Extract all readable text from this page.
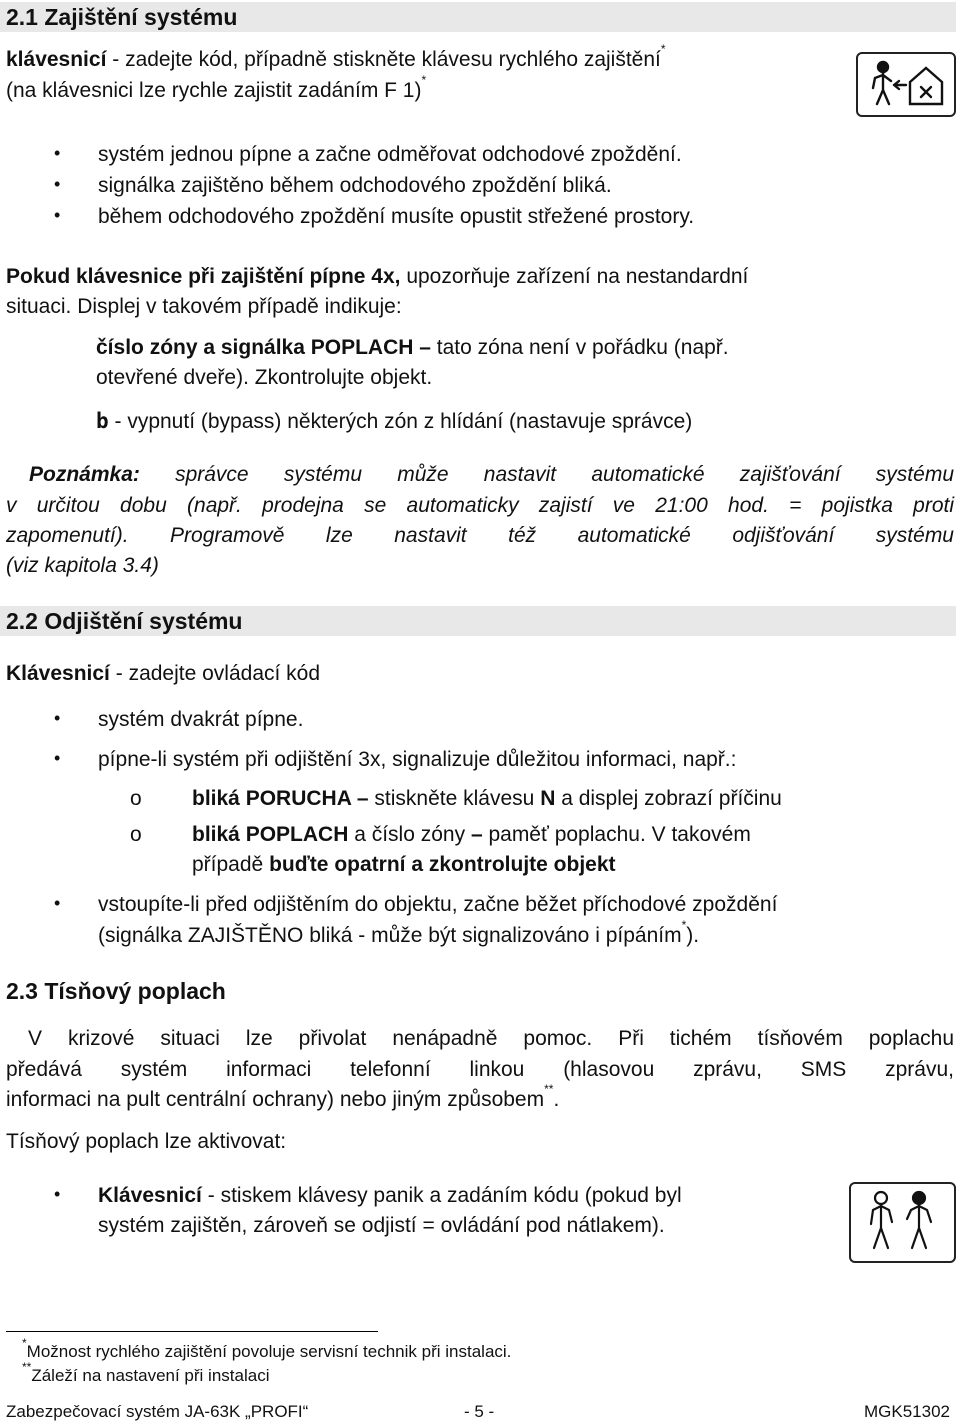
2.1 Zajištění systému
klávesnicí - zadejte kód, případně stiskněte klávesu rychlého zajištění*
(na klávesnici lze rychle zajistit zadáním F 1)*
• systém jednou pípne a začne odměřovat odchodové zpoždění.
• signálka zajištěno během odchodového zpoždění bliká.
• během odchodového zpoždění musíte opustit střežené prostory.
Pokud klávesnice při zajištění pípne 4x, upozorňuje zařízení na nestandardní
situaci. Displej v takovém případě indikuje:
číslo zóny a signálka POPLACH – tato zóna není v pořádku (např.
otevřené dveře). Zkontrolujte objekt.
b - vypnutí (bypass) některých zón z hlídání (nastavuje správce)
Poznámka: správce systému může nastavit automatické zajišťování systému
v určitou dobu (např. prodejna se automaticky zajistí ve 21:00 hod. = pojistka proti
zapomenutí). Programově lze nastavit též automatické odjišťování systému
(viz kapitola 3.4)
2.2 Odjištění systému
Klávesnicí - zadejte ovládací kód
• systém dvakrát pípne.
• pípne-li systém při odjištění 3x, signalizuje důležitou informaci, např.:
o bliká PORUCHA – stiskněte klávesu N a displej zobrazí příčinu
o bliká POPLACH a číslo zóny – paměť poplachu. V takovém
případě buďte opatrní a zkontrolujte objekt
• vstoupíte-li před odjištěním do objektu, začne běžet příchodové zpoždění
(signálka ZAJIŠTĚNO bliká - může být signalizováno i pípáním*).
2.3 Tísňový poplach
V krizové situaci lze přivolat nenápadně pomoc. Při tichém tísňovém poplachu
předává systém informaci telefonní linkou (hlasovou zprávu, SMS zprávu,
informaci na pult centrální ochrany) nebo jiným způsobem**.
Tísňový poplach lze aktivovat:
• Klávesnicí - stiskem klávesy panik a zadáním kódu (pokud byl
systém zajištěn, zároveň se odjistí = ovládání pod nátlakem).
*Možnost rychlého zajištění povoluje servisní technik při instalaci.
**Záleží na nastavení při instalaci
Zabezpečovací systém JA-63K „PROFI“	- 5 -	MGK51302
